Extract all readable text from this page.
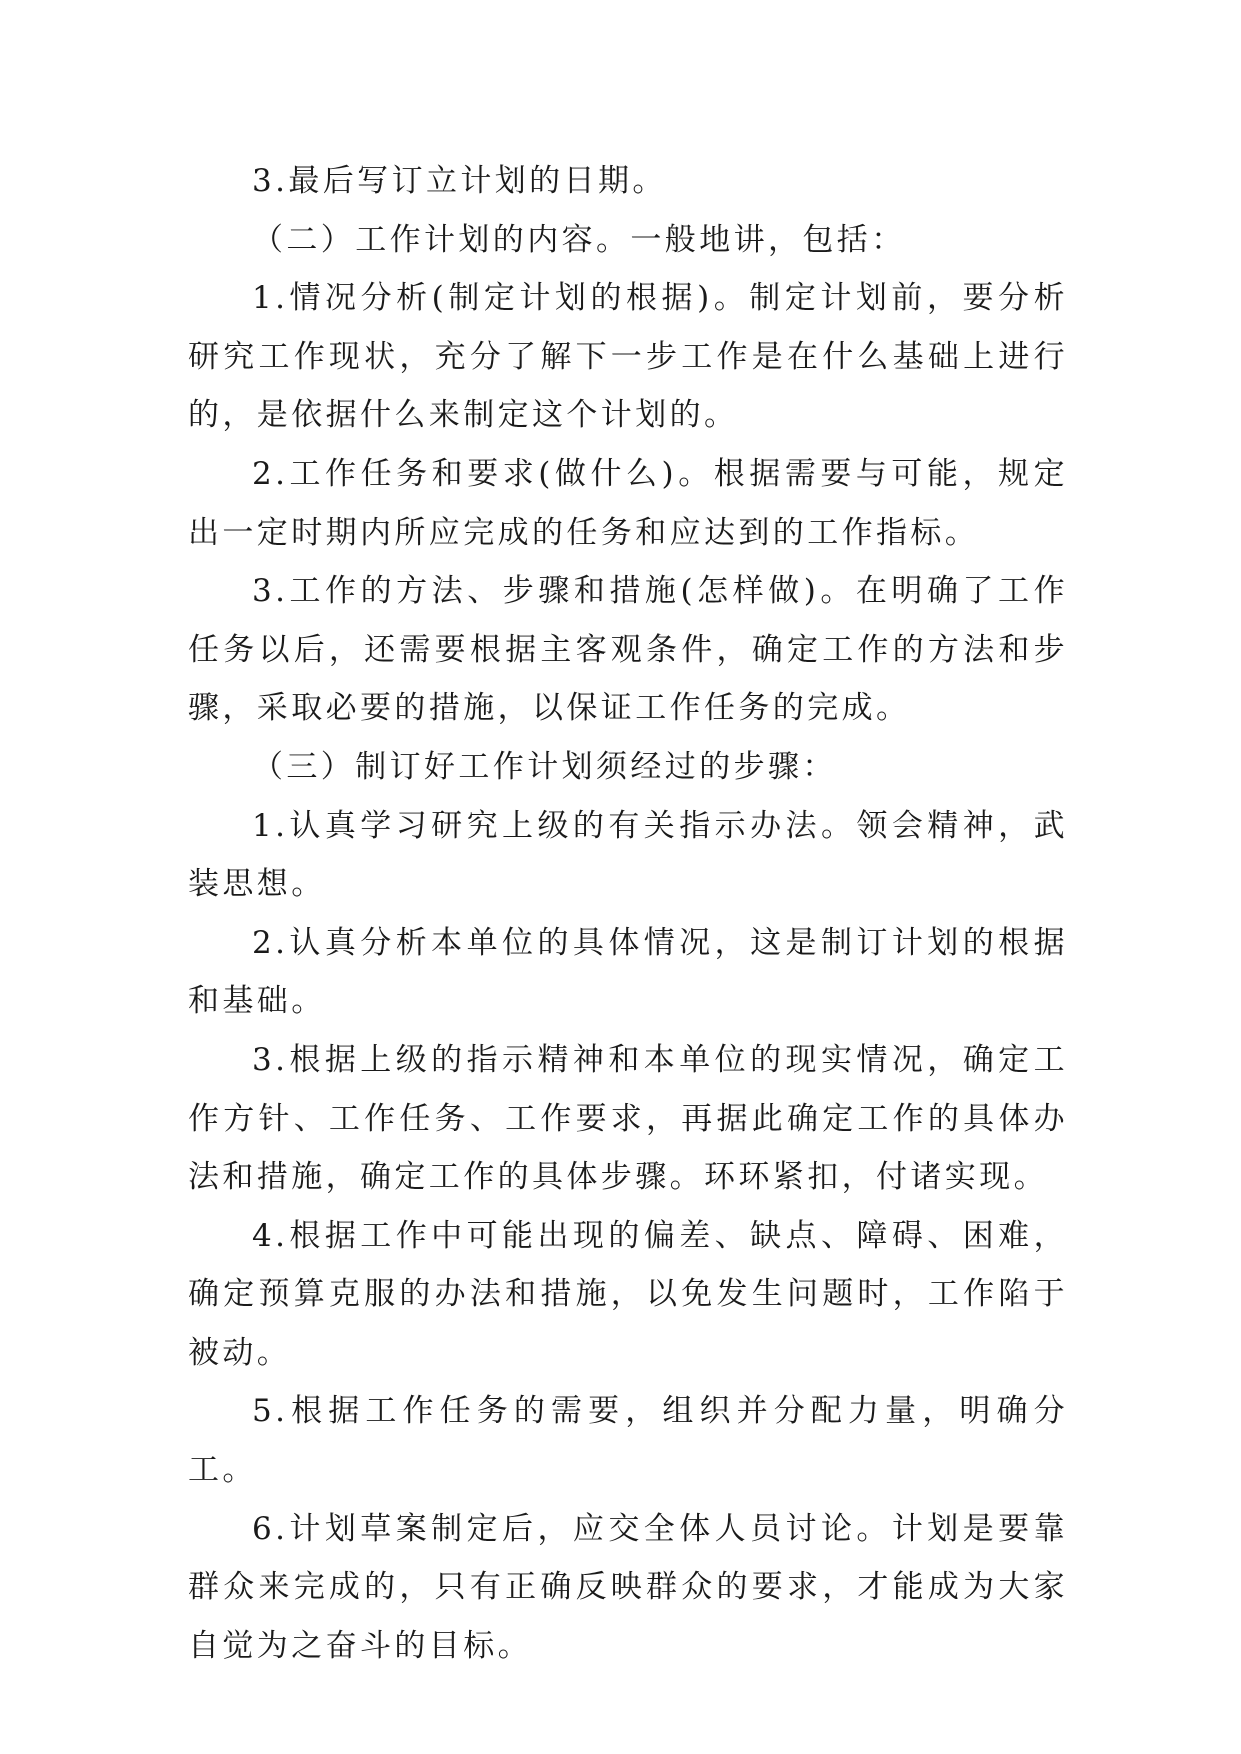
3.最后写订立计划的日期。

（二）工作计划的内容。一般地讲，包括：

1.情况分析(制定计划的根据)。制定计划前，要分析研究工作现状，充分了解下一步工作是在什么基础上进行的，是依据什么来制定这个计划的。

2.工作任务和要求(做什么)。根据需要与可能，规定出一定时期内所应完成的任务和应达到的工作指标。

3.工作的方法、步骤和措施(怎样做)。在明确了工作任务以后，还需要根据主客观条件，确定工作的方法和步骤，采取必要的措施，以保证工作任务的完成。

（三）制订好工作计划须经过的步骤：

1.认真学习研究上级的有关指示办法。领会精神，武装思想。

2.认真分析本单位的具体情况，这是制订计划的根据和基础。

3.根据上级的指示精神和本单位的现实情况，确定工作方针、工作任务、工作要求，再据此确定工作的具体办法和措施，确定工作的具体步骤。环环紧扣，付诸实现。

4.根据工作中可能出现的偏差、缺点、障碍、困难，确定预算克服的办法和措施，以免发生问题时，工作陷于被动。

5.根据工作任务的需要，组织并分配力量，明确分工。

6.计划草案制定后，应交全体人员讨论。计划是要靠群众来完成的，只有正确反映群众的要求，才能成为大家自觉为之奋斗的目标。
